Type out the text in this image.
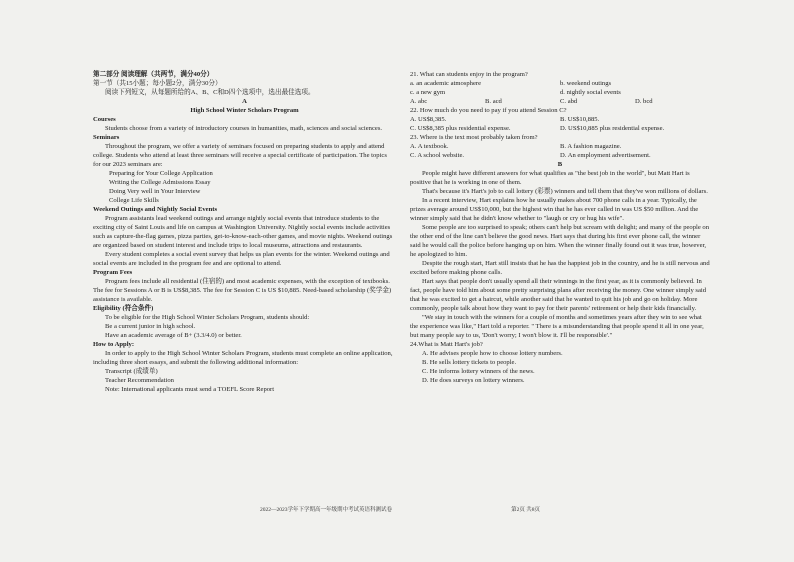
第二部分 阅读理解（共两节，满分40分）

第一节（共15小题；每小题2分，满分30分）

阅读下列短文，从每题所给的A、B、C和D四个选项中，选出最佳选项。

A

High School Winter Scholars Program

Courses

Students choose from a variety of introductory courses in humanities, math, sciences and social sciences.

Seminars

Throughout the program, we offer a variety of seminars focused on preparing students to apply and attend college. Students who attend at least three seminars will receive a special certificate of participation. The topics for our 2023 seminars are:

Preparing for Your College Application

Writing the College Admissions Essay

Doing Very well in Your Interview

College Life Skills

Weekend Outings and Nightly Social Events

Program assistants lead weekend outings and arrange nightly social events that introduce students to the exciting city of Saint Louis and life on campus at Washington University. Nightly social events include activities such as capture-the-flag games, pizza parties, get-to-know-each-other games, and movie nights. Weekend outings are organized based on student interest and include trips to local museums, attractions and restaurants.

Every student completes a social event survey that helps us plan events for the winter. Weekend outings and social events are included in the program fee and are optional to attend.

Program Fees

Program fees include all residential (住宿的) and most academic expenses, with the exception of textbooks. The fee for Sessions A or B is US$8,385. The fee for Session C is US $10,885. Need-based scholarship (奖学金) assistance is available.

Eligibility (符合条件)

To be eligible for the High School Winter Scholars Program, students should:

Be a current junior in high school.

Have an academic average of B+ (3.3/4.0) or better.

How to Apply:

In order to apply to the High School Winter Scholars Program, students must complete an online application, including three short essays, and submit the following additional information:

Transcript (成绩单)

Teacher Recommendation

Note: International applicants must send a TOEFL Score Report

21. What can students enjoy in the program?

a. an academic atmosphere	b. weekend outings
c. a new gym	d. nightly social events
A. abc	B. acd	C. abd	D. bcd

22. How much do you need to pay if you attend Session C?

A. US$8,385.	B. US$10,885.
C. US$8,385 plus residential expense.	D. US$10,885 plus residential expense.

23. Where is the text most probably taken from?

A. A textbook.	B. A fashion magazine.
C. A school website.	D. An employment advertisement.

B

People might have different answers for what qualifies as "the best job in the world", but Matt Hart is positive that he is working in one of them.

That's because it's Hart's job to call lottery (彩票) winners and tell them that they've won millions of dollars.

In a recent interview, Hart explains how he usually makes about 700 phone calls in a year. Typically, the prizes average around US$10,000, but the highest win that he has ever called in was US $50 million. And the winner simply said that he didn't know whether to "laugh or cry or hug his wife".

Some people are too surprised to speak; others can't help but scream with delight; and many of the people on the other end of the line can't believe the good news. Hart says that during his first ever phone call, the winner said he would call the police before hanging up on him. When the winner finally found out it was true, however, he apologized to him.

Despite the rough start, Hart still insists that he has the happiest job in the country, and he is still nervous and excited before making phone calls.

Hart says that people don't usually spend all their winnings in the first year, as it is commonly believed. In fact, people have told him about some pretty surprising plans after receiving the money. One winner simply said that he was excited to get a haircut, while another said that he wanted to quit his job and go on holiday. More commonly, people talk about how they want to pay for their parents' retirement or help their kids financially.

"We stay in touch with the winners for a couple of months and sometimes years after they win to see what the experience was like," Hart told a reporter. " There is a misunderstanding that people spend it all in one year, but many people say to us, 'Don't worry; I won't blow it. I'll be responsible'."

24.What is Matt Hart's job?

A. He advises people how to choose lottery numbers.

B. He sells lottery tickets to people.

C. He informs lottery winners of the news.

D. He does surveys on lottery winners.

2022—2023学年下学期高一年级期中考试英语科测试卷	第2页 共8页
